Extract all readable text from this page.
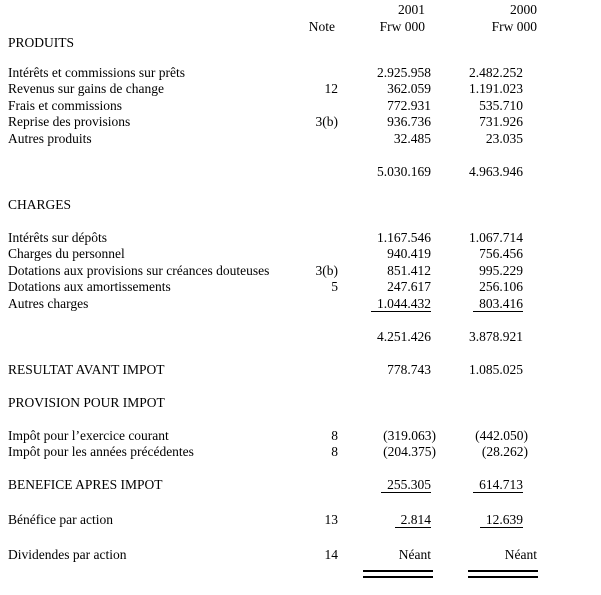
2001	2000
Note	Frw 000	Frw 000
PRODUITS
Intérêts et commissions sur prêts	2.925.958	2.482.252
Revenus sur gains de change	12	362.059	1.191.023
Frais et commissions	772.931	535.710
Reprise des provisions	3(b)	936.736	731.926
Autres produits	32.485	23.035
5.030.169	4.963.946
CHARGES
Intérêts sur dépôts	1.167.546	1.067.714
Charges du personnel	940.419	756.456
Dotations aux provisions sur créances douteuses	3(b)	851.412	995.229
Dotations aux amortissements	5	247.617	256.106
Autres charges	1.044.432	803.416
4.251.426	3.878.921
RESULTAT AVANT IMPOT	778.743	1.085.025
PROVISION POUR IMPOT
Impôt pour l’exercice courant	8	(319.063)	(442.050)
Impôt pour les années précédentes	8	(204.375)	(28.262)
BENEFICE APRES IMPOT	255.305	614.713
Bénéfice par action	13	2.814	12.639
Dividendes par action	14	Néant	Néant
